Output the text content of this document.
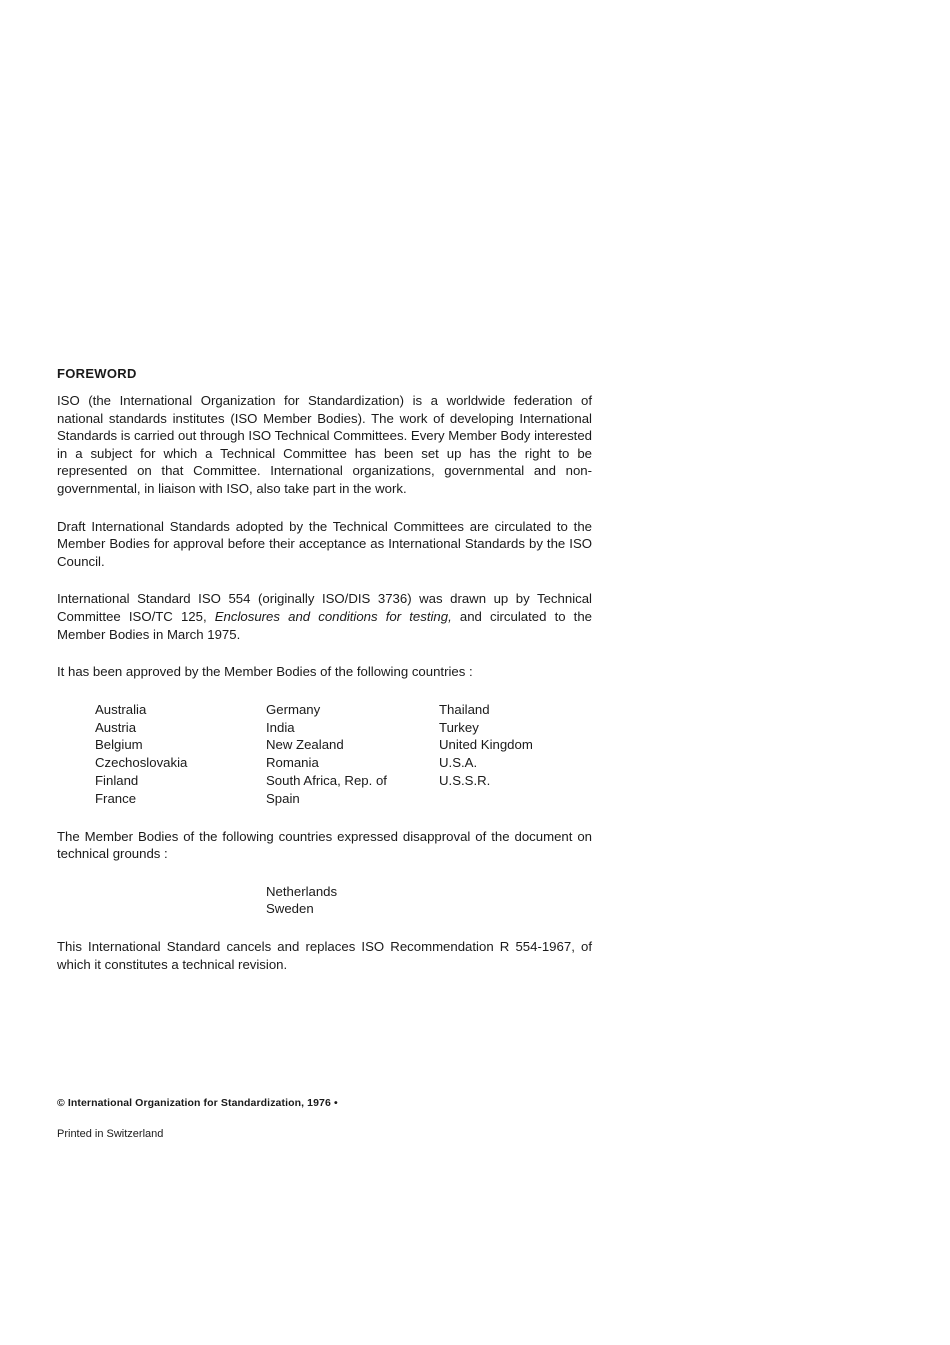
FOREWORD

ISO (the International Organization for Standardization) is a worldwide federation of national standards institutes (ISO Member Bodies). The work of developing International Standards is carried out through ISO Technical Committees. Every Member Body interested in a subject for which a Technical Committee has been set up has the right to be represented on that Committee. International organizations, governmental and non-governmental, in liaison with ISO, also take part in the work.

Draft International Standards adopted by the Technical Committees are circulated to the Member Bodies for approval before their acceptance as International Standards by the ISO Council.

International Standard ISO 554 (originally ISO/DIS 3736) was drawn up by Technical Committee ISO/TC 125, Enclosures and conditions for testing, and circulated to the Member Bodies in March 1975.

It has been approved by the Member Bodies of the following countries :

Australia
Austria
Belgium
Czechoslovakia
Finland
France
Germany
India
New Zealand
Romania
South Africa, Rep. of
Spain
Thailand
Turkey
United Kingdom
U.S.A.
U.S.S.R.

The Member Bodies of the following countries expressed disapproval of the document on technical grounds :

Netherlands
Sweden

This International Standard cancels and replaces ISO Recommendation R 554-1967, of which it constitutes a technical revision.

© International Organization for Standardization, 1976 •
Printed in Switzerland
